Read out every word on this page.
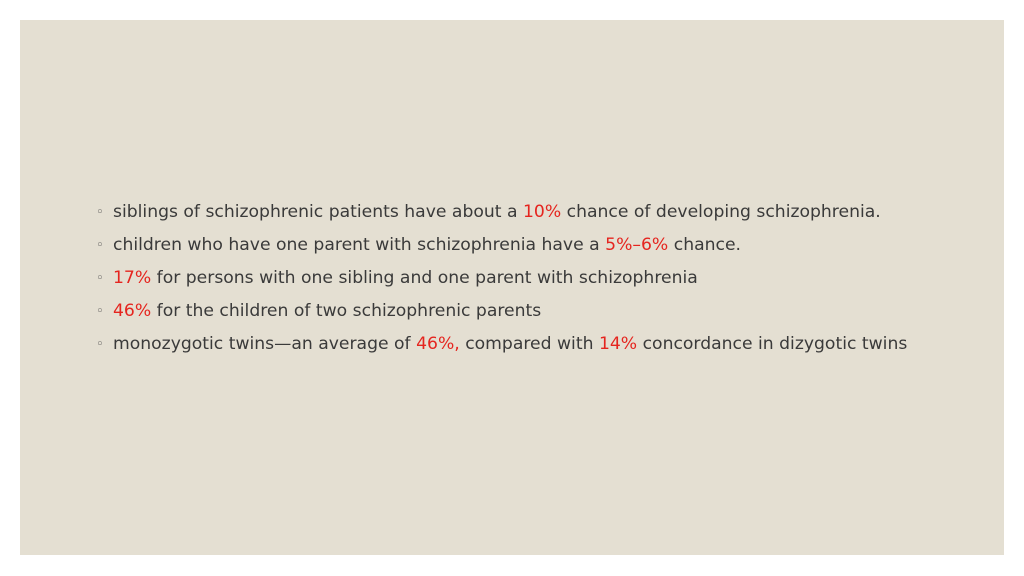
◦ siblings of schizophrenic patients have about a 10% chance of developing schizophrenia.
◦ children who have one parent with schizophrenia have a 5%–6% chance.
◦ 17% for persons with one sibling and one parent with schizophrenia
◦ 46% for the children of two schizophrenic parents
◦ monozygotic twins—an average of 46%, compared with 14% concordance in dizygotic twins
